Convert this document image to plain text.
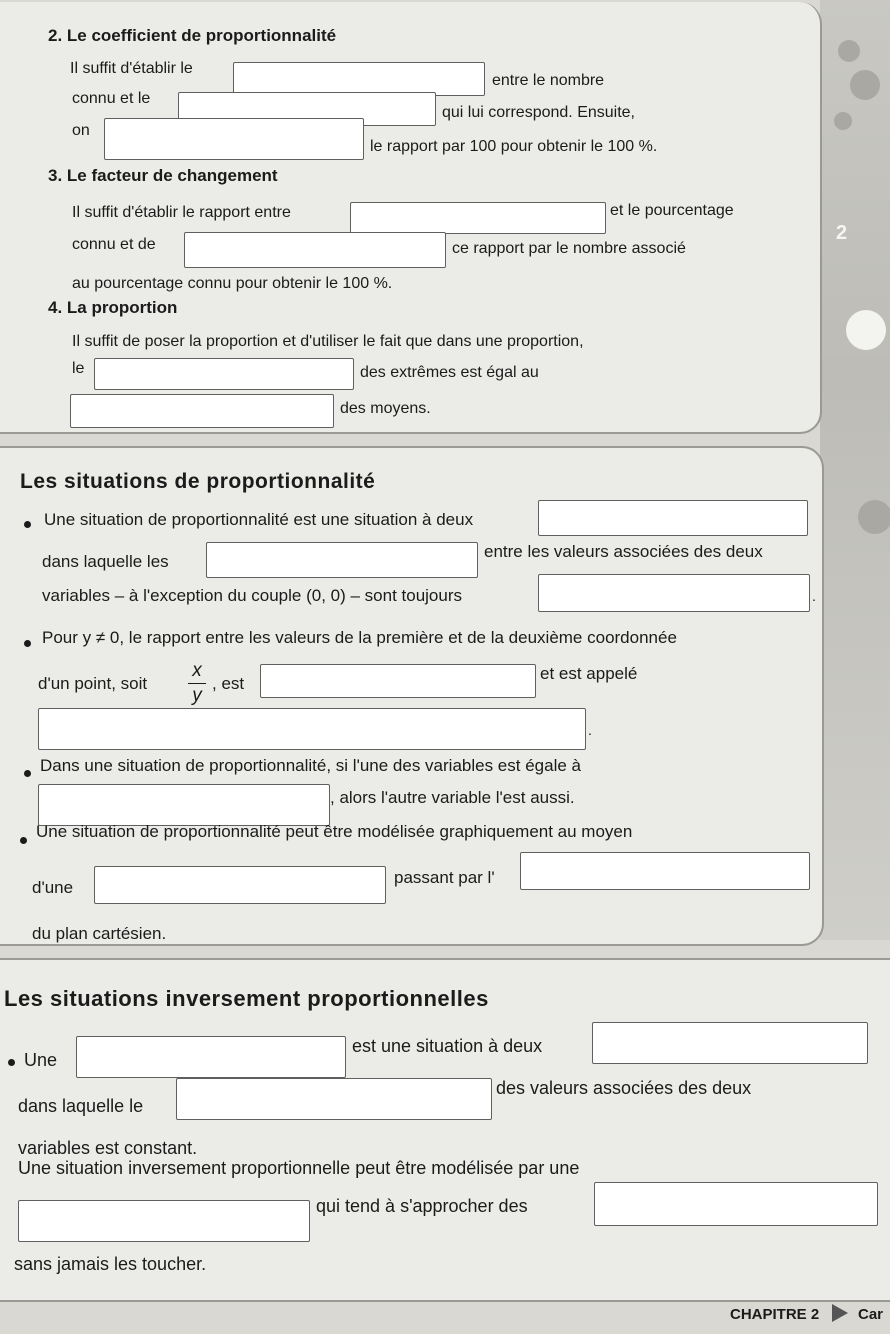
2
2. Le coefficient de proportionnalité
Il suffit d'établir le
entre le nombre
connu et le
qui lui correspond. Ensuite,
on
le rapport par 100 pour obtenir le 100 %.
3. Le facteur de changement
Il suffit d'établir le rapport entre	et le pourcentage
connu et de	ce rapport par le nombre associé
au pourcentage connu pour obtenir le 100 %.
4. La proportion
Il suffit de poser la proportion et d'utiliser le fait que dans une proportion,
le	des extrêmes est égal au
des moyens.
Les situations de proportionnalité
Une situation de proportionnalité est une situation à deux
dans laquelle les
entre les valeurs associées des deux
variables – à l'exception du couple (0, 0) – sont toujours	.
Pour y ≠ 0, le rapport entre les valeurs de la première et de la deuxième coordonnée
d'un point, soit
x
y
, est
et est appelé
.
Dans une situation de proportionnalité, si l'une des variables est égale à
, alors l'autre variable l'est aussi.
Une situation de proportionnalité peut être modélisée graphiquement au moyen
d'une
passant par l'
du plan cartésien.
Les situations inversement proportionnelles
Une
est une situation à deux
dans laquelle le
des valeurs associées des deux
variables est constant.
Une situation inversement proportionnelle peut être modélisée par une
qui tend à s'approcher des
sans jamais les toucher.
CHAPITRE 2	Car
